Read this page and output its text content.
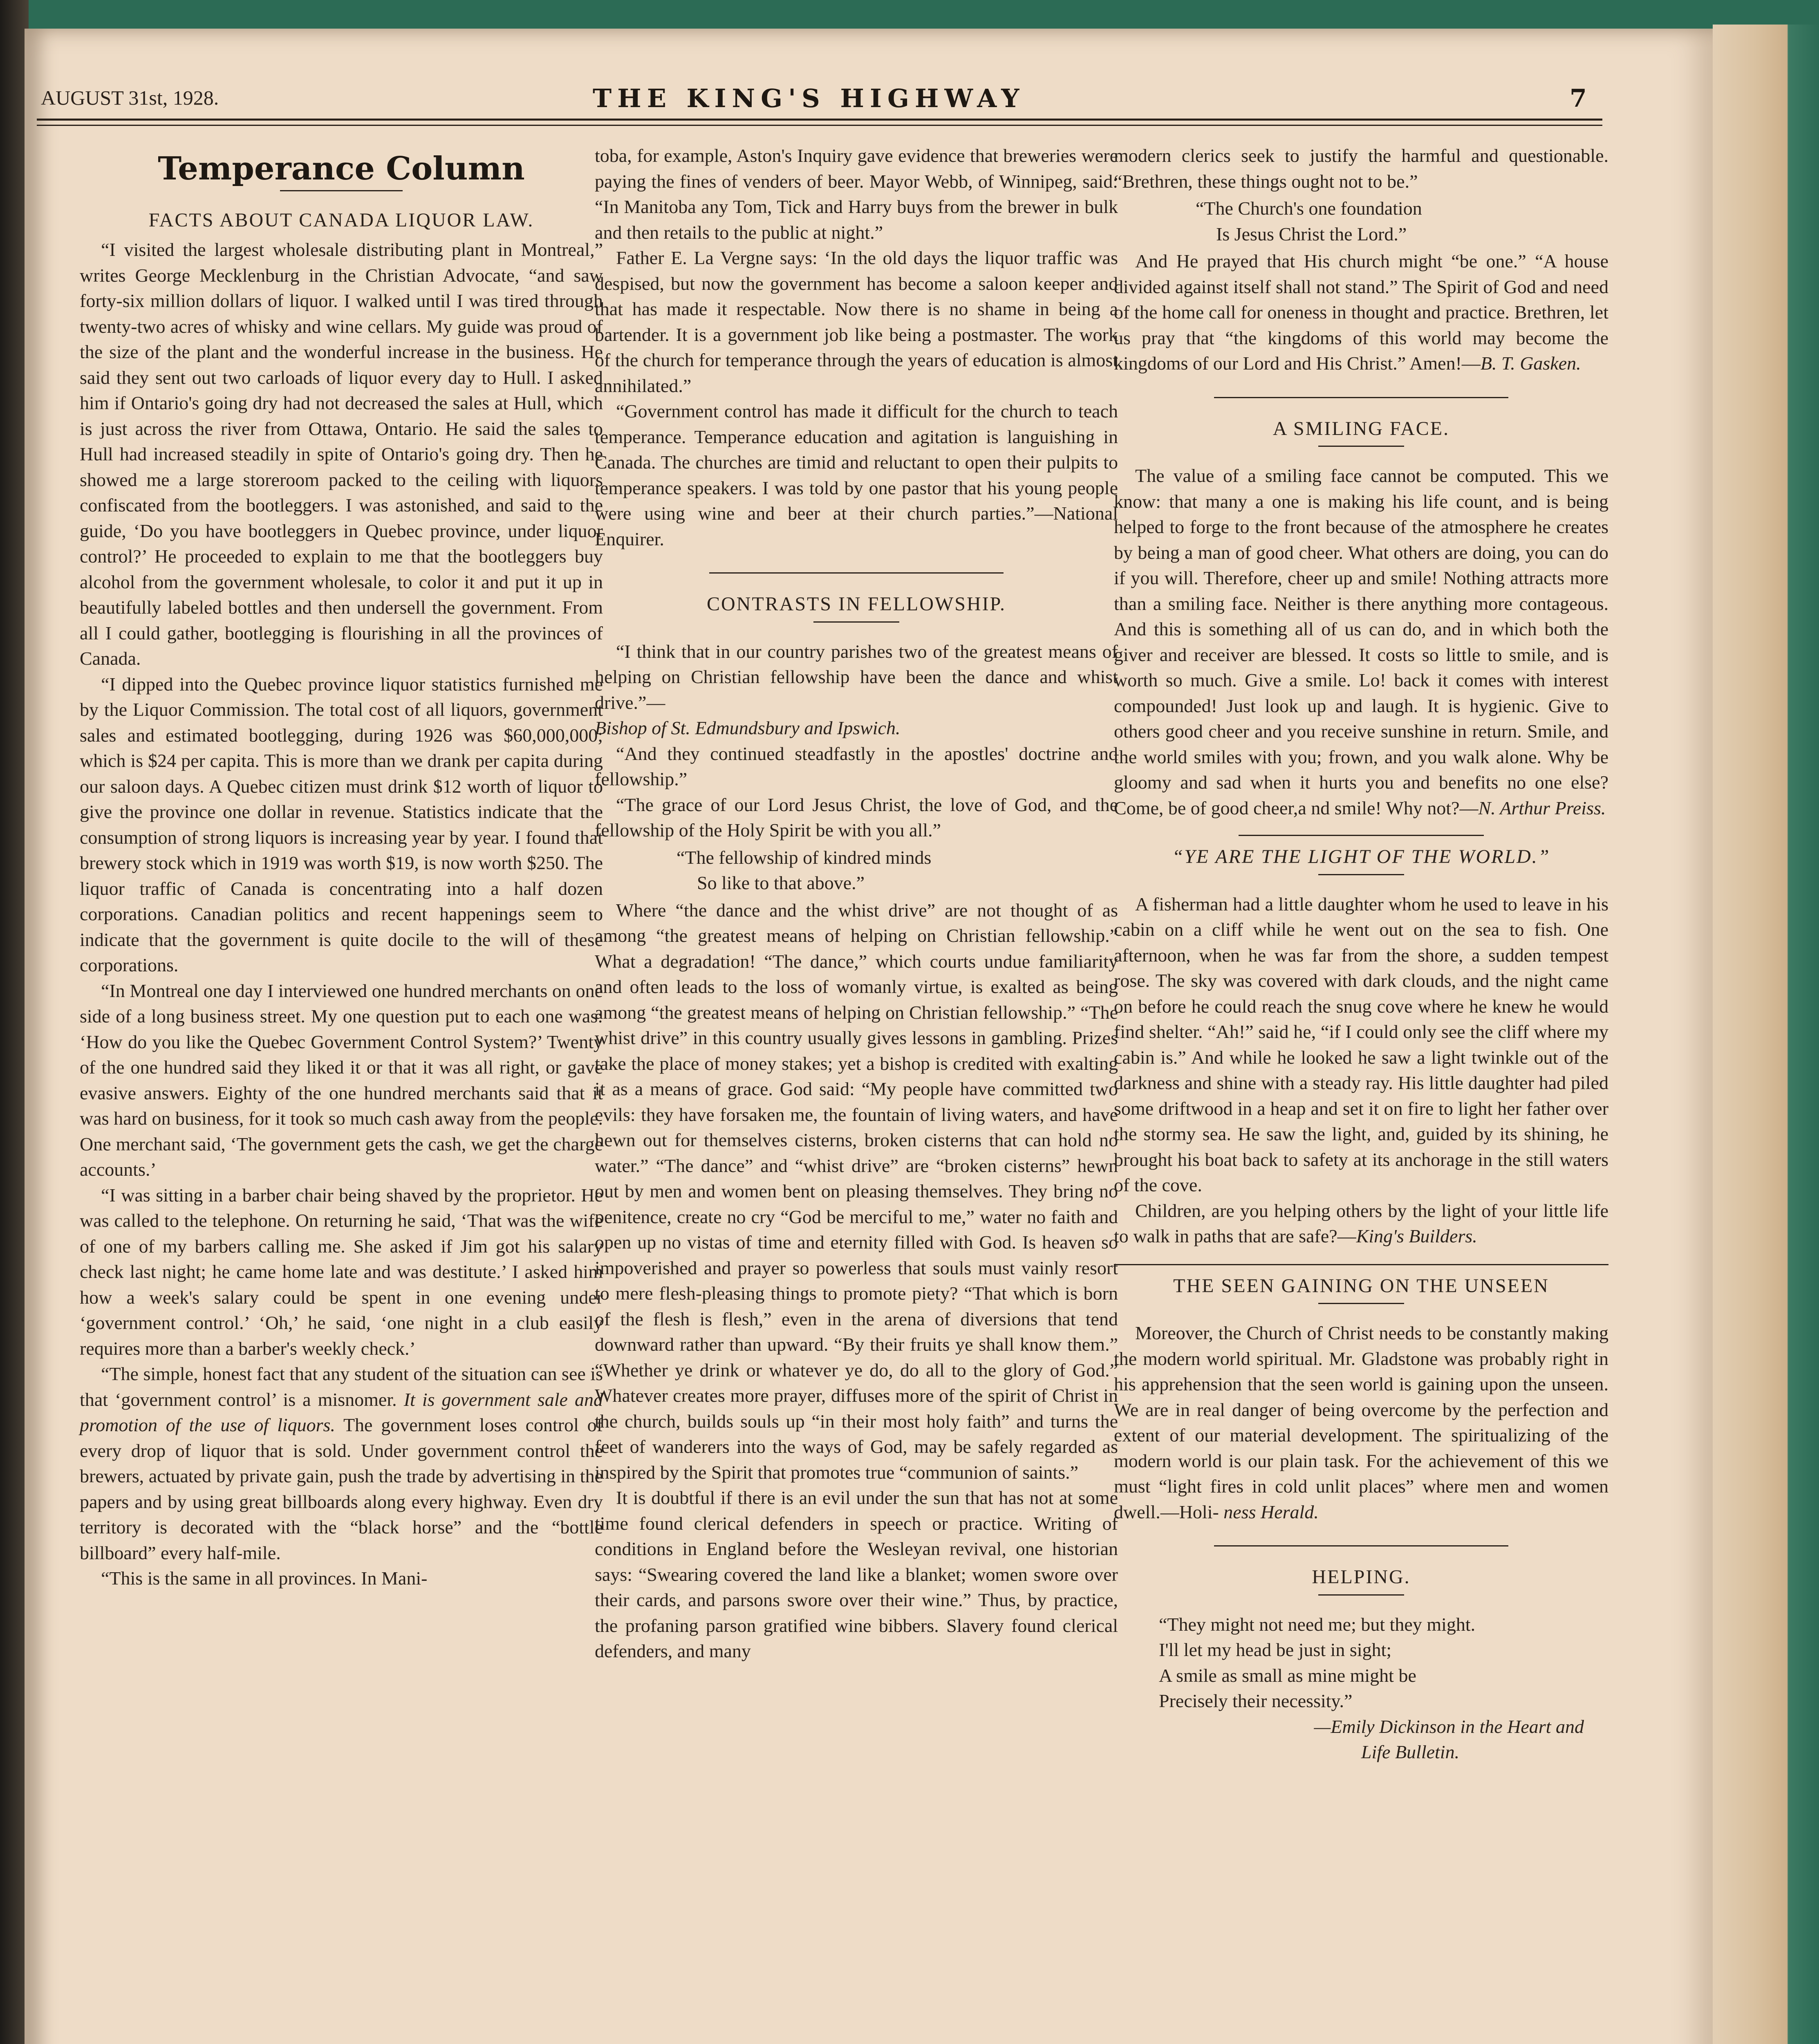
AUGUST 31st, 1928.	THE KING'S HIGHWAY	7
Temperance Column
FACTS ABOUT CANADA LIQUOR LAW.

“I visited the largest wholesale distributing plant in Montreal,” writes George Mecklenburg in the Christian Advocate, “and saw forty-six million dollars of liquor. I walked until I was tired through twenty-two acres of whisky and wine cellars. My guide was proud of the size of the plant and the wonderful increase in the business. He said they sent out two carloads of liquor every day to Hull. I asked him if Ontario's going dry had not decreased the sales at Hull, which is just across the river from Ottawa, Ontario. He said the sales to Hull had increased steadily in spite of Ontario's going dry. Then he showed me a large storeroom packed to the ceiling with liquors confiscated from the bootleggers. I was astonished, and said to the guide, ‘Do you have bootleggers in Quebec province, under liquor control?’ He proceeded to explain to me that the bootleggers buy alcohol from the government wholesale, to color it and put it up in beautifully labeled bottles and then undersell the government. From all I could gather, bootlegging is flourishing in all the provinces of Canada.

“I dipped into the Quebec province liquor statistics furnished me by the Liquor Commission. The total cost of all liquors, government sales and estimated bootlegging, during 1926 was $60,000,000; which is $24 per capita. This is more than we drank per capita during our saloon days. A Quebec citizen must drink $12 worth of liquor to give the province one dollar in revenue. Statistics indicate that the consumption of strong liquors is increasing year by year. I found that brewery stock which in 1919 was worth $19, is now worth $250. The liquor traffic of Canada is concentrating into a half dozen corporations. Canadian politics and recent happenings seem to indicate that the government is quite docile to the will of these corporations.

“In Montreal one day I interviewed one hundred merchants on one side of a long business street. My one question put to each one was: ‘How do you like the Quebec Government Control System?’ Twenty of the one hundred said they liked it or that it was all right, or gave evasive answers. Eighty of the one hundred merchants said that it was hard on business, for it took so much cash away from the people. One merchant said, ‘The government gets the cash, we get the charge accounts.’

“I was sitting in a barber chair being shaved by the proprietor. He was called to the telephone. On returning he said, ‘That was the wife of one of my barbers calling me. She asked if Jim got his salary check last night; he came home late and was destitute.’ I asked him how a week's salary could be spent in one evening under ‘government control.’ ‘Oh,’ he said, ‘one night in a club easily requires more than a barber's weekly check.’

“The simple, honest fact that any student of the situation can see is that ‘government control’ is a misnomer. It is government sale and promotion of the use of liquors. The government loses control of every drop of liquor that is sold. Under government control the brewers, actuated by private gain, push the trade by advertising in the papers and by using great billboards along every highway. Even dry territory is decorated with the “black horse” and the “bottle billboard” every half-mile.

“This is the same in all provinces. In Mani-

toba, for example, Aston's Inquiry gave evidence that breweries were paying the fines of venders of beer. Mayor Webb, of Winnipeg, said: “In Manitoba any Tom, Tick and Harry buys from the brewer in bulk and then retails to the public at night.”

Father E. La Vergne says: ‘In the old days the liquor traffic was despised, but now the government has become a saloon keeper and that has made it respectable. Now there is no shame in being a bartender. It is a government job like being a postmaster. The work of the church for temperance through the years of education is almost annihilated.”

“Government control has made it difficult for the church to teach temperance. Temperance education and agitation is languishing in Canada. The churches are timid and reluctant to open their pulpits to temperance speakers. I was told by one pastor that his young people were using wine and beer at their church parties.”—National Enquirer.

CONTRASTS IN FELLOWSHIP.

“I think that in our country parishes two of the greatest means of helping on Christian fellowship have been the dance and whist drive.”—
Bishop of St. Edmundsbury and Ipswich.

“And they continued steadfastly in the apostles' doctrine and fellowship.”

“The grace of our Lord Jesus Christ, the love of God, and the fellowship of the Holy Spirit be with you all.”

“The fellowship of kindred minds
So like to that above.”

Where “the dance and the whist drive” are not thought of as among “the greatest means of helping on Christian fellowship.” What a degradation! “The dance,” which courts undue familiarity and often leads to the loss of womanly virtue, is exalted as being among “the greatest means of helping on Christian fellowship.” “The whist drive” in this country usually gives lessons in gambling. Prizes take the place of money stakes; yet a bishop is credited with exalting it as a means of grace. God said: “My people have committed two evils: they have forsaken me, the fountain of living waters, and have hewn out for themselves cisterns, broken cisterns that can hold no water.” “The dance” and “whist drive” are “broken cisterns” hewn out by men and women bent on pleasing themselves. They bring no penitence, create no cry “God be merciful to me,” water no faith and open up no vistas of time and eternity filled with God. Is heaven so impoverished and prayer so powerless that souls must vainly resort to mere flesh-pleasing things to promote piety? “That which is born of the flesh is flesh,” even in the arena of diversions that tend downward rather than upward. “By their fruits ye shall know them.” “Whether ye drink or whatever ye do, do all to the glory of God.” Whatever creates more prayer, diffuses more of the spirit of Christ in the church, builds souls up “in their most holy faith” and turns the feet of wanderers into the ways of God, may be safely regarded as inspired by the Spirit that promotes true “communion of saints.”

It is doubtful if there is an evil under the sun that has not at some time found clerical defenders in speech or practice. Writing of conditions in England before the Wesleyan revival, one historian says: “Swearing covered the land like a blanket; women swore over their cards, and parsons swore over their wine.” Thus, by practice, the profaning parson gratified wine bibbers. Slavery found clerical defenders, and many

modern clerics seek to justify the harmful and questionable. “Brethren, these things ought not to be.”

“The Church's one foundation
Is Jesus Christ the Lord.”

And He prayed that His church might “be one.” “A house divided against itself shall not stand.” The Spirit of God and need of the home call for oneness in thought and practice. Brethren, let us pray that “the kingdoms of this world may become the kingdoms of our Lord and His Christ.” Amen!—B. T. Gasken.

A SMILING FACE.

The value of a smiling face cannot be computed. This we know: that many a one is making his life count, and is being helped to forge to the front because of the atmosphere he creates by being a man of good cheer. What others are doing, you can do if you will. Therefore, cheer up and smile! Nothing attracts more than a smiling face. Neither is there anything more contageous. And this is something all of us can do, and in which both the giver and receiver are blessed. It costs so little to smile, and is worth so much. Give a smile. Lo! back it comes with interest compounded! Just look up and laugh. It is hygienic. Give to others good cheer and you receive sunshine in return. Smile, and the world smiles with you; frown, and you walk alone. Why be gloomy and sad when it hurts you and benefits no one else? Come, be of good cheer,a nd smile! Why not?—N. Arthur Preiss.

“YE ARE THE LIGHT OF THE WORLD.”

A fisherman had a little daughter whom he used to leave in his cabin on a cliff while he went out on the sea to fish. One afternoon, when he was far from the shore, a sudden tempest rose. The sky was covered with dark clouds, and the night came on before he could reach the snug cove where he knew he would find shelter. “Ah!” said he, “if I could only see the cliff where my cabin is.” And while he looked he saw a light twinkle out of the darkness and shine with a steady ray. His little daughter had piled some driftwood in a heap and set it on fire to light her father over the stormy sea. He saw the light, and, guided by its shining, he brought his boat back to safety at its anchorage in the still waters of the cove.

Children, are you helping others by the light of your little life to walk in paths that are safe?—King's Builders.

THE SEEN GAINING ON THE UNSEEN

Moreover, the Church of Christ needs to be constantly making the modern world spiritual. Mr. Gladstone was probably right in his apprehension that the seen world is gaining upon the unseen. We are in real danger of being overcome by the perfection and extent of our material development. The spiritualizing of the modern world is our plain task. For the achievement of this we must “light fires in cold unlit places” where men and women dwell.—Holi- ness Herald.

HELPING.
“They might not need me; but they might.
I'll let my head be just in sight;
A smile as small as mine might be
Precisely their necessity.”
—Emily Dickinson in the Heart and
Life Bulletin.
